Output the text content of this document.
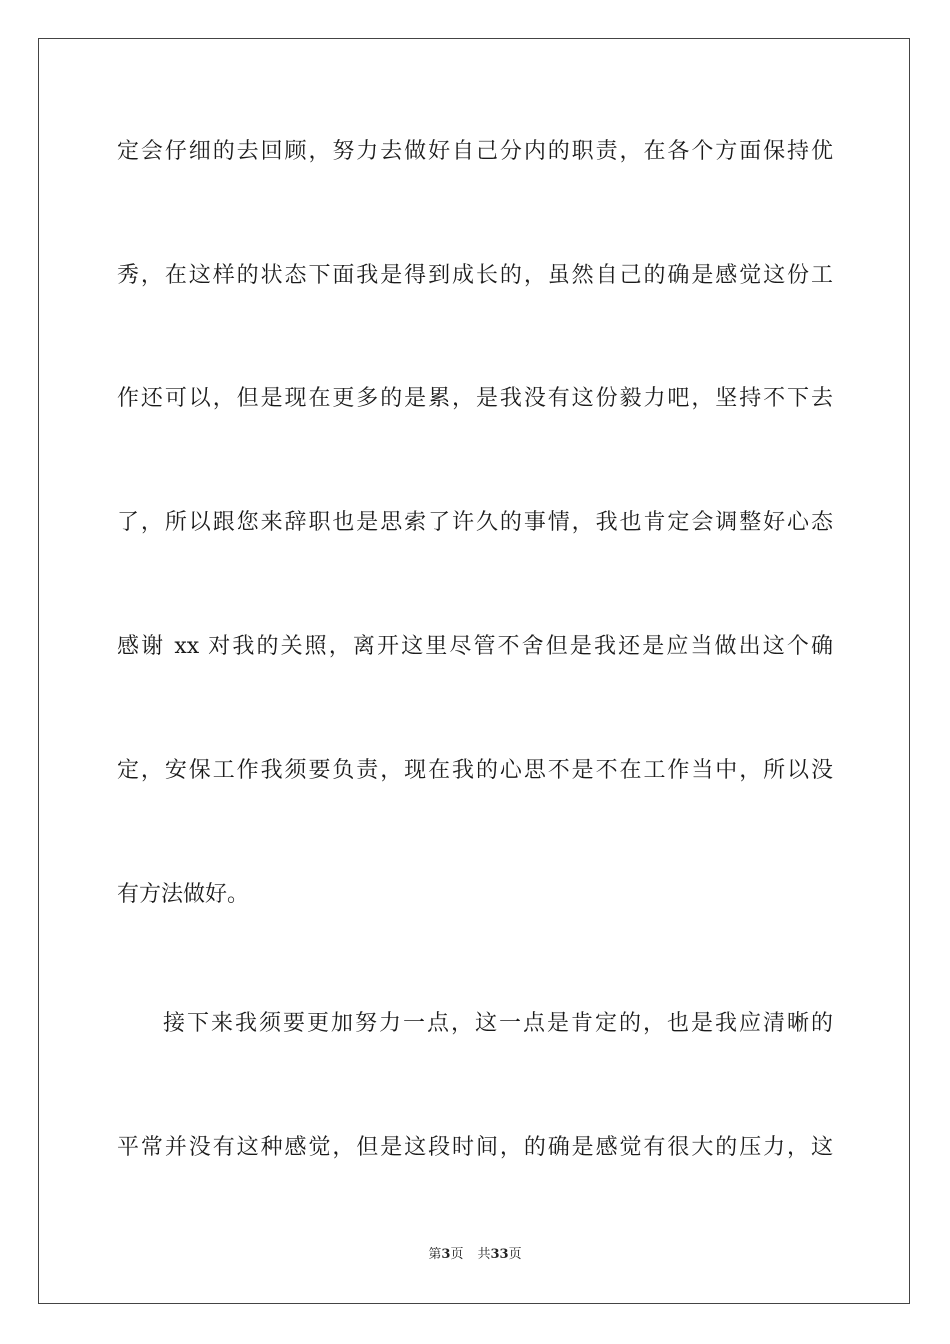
定会仔细的去回顾，努力去做好自己分内的职责，在各个方面保持优
秀，在这样的状态下面我是得到成长的，虽然自己的确是感觉这份工
作还可以，但是现在更多的是累，是我没有这份毅力吧，坚持不下去
了，所以跟您来辞职也是思索了许久的事情，我也肯定会调整好心态
感谢 xx 对我的关照，离开这里尽管不舍但是我还是应当做出这个确
定，安保工作我须要负责，现在我的心思不是不在工作当中，所以没
有方法做好。
接下来我须要更加努力一点，这一点是肯定的，也是我应清晰的
平常并没有这种感觉，但是这段时间，的确是感觉有很大的压力，这
第3页 共33页
